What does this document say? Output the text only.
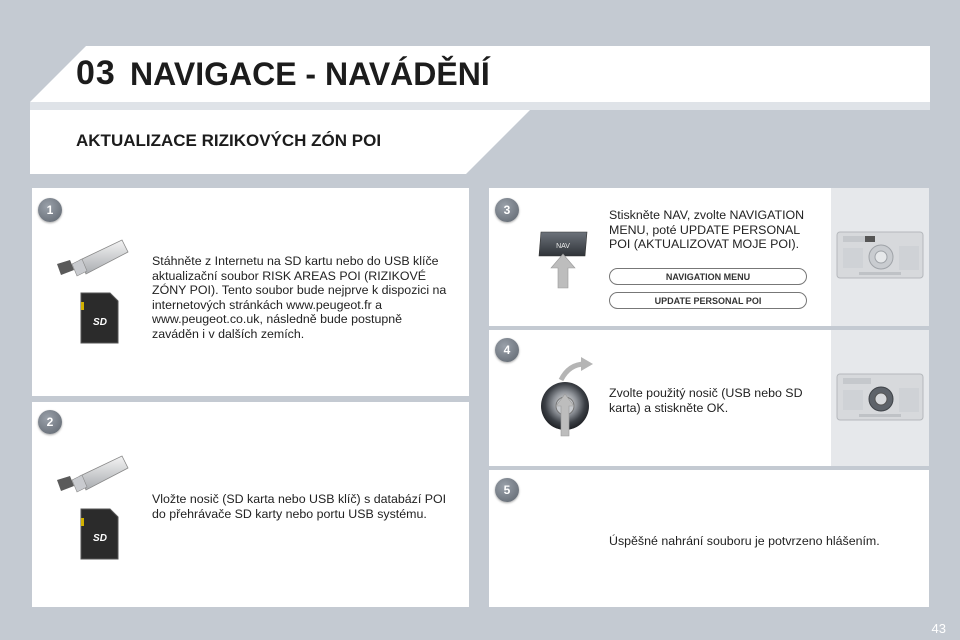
03 NAVIGACE - NAVÁDĚNÍ
AKTUALIZACE RIZIKOVÝCH ZÓN POI
1
SD
Stáhněte z Internetu na SD kartu nebo do USB klíče aktualizační soubor RISK AREAS POI (RIZIKOVÉ ZÓNY POI). Tento soubor bude nejprve k dispozici na internetových stránkách www.peugeot.fr a www.peugeot.co.uk, následně bude postupně zaváděn i v dalších zemích.
2
SD
Vložte nosič (SD karta nebo USB klíč) s databází POI do přehrávače SD karty nebo portu USB systému.
3
NAV
Stiskněte NAV, zvolte NAVIGATION MENU, poté UPDATE PERSONAL POI (AKTUALIZOVAT MOJE POI).
NAVIGATION MENU
UPDATE PERSONAL POI
4
Zvolte použitý nosič (USB nebo SD karta) a stiskněte OK.
5
Úspěšné nahrání souboru je potvrzeno hlášením.
43
